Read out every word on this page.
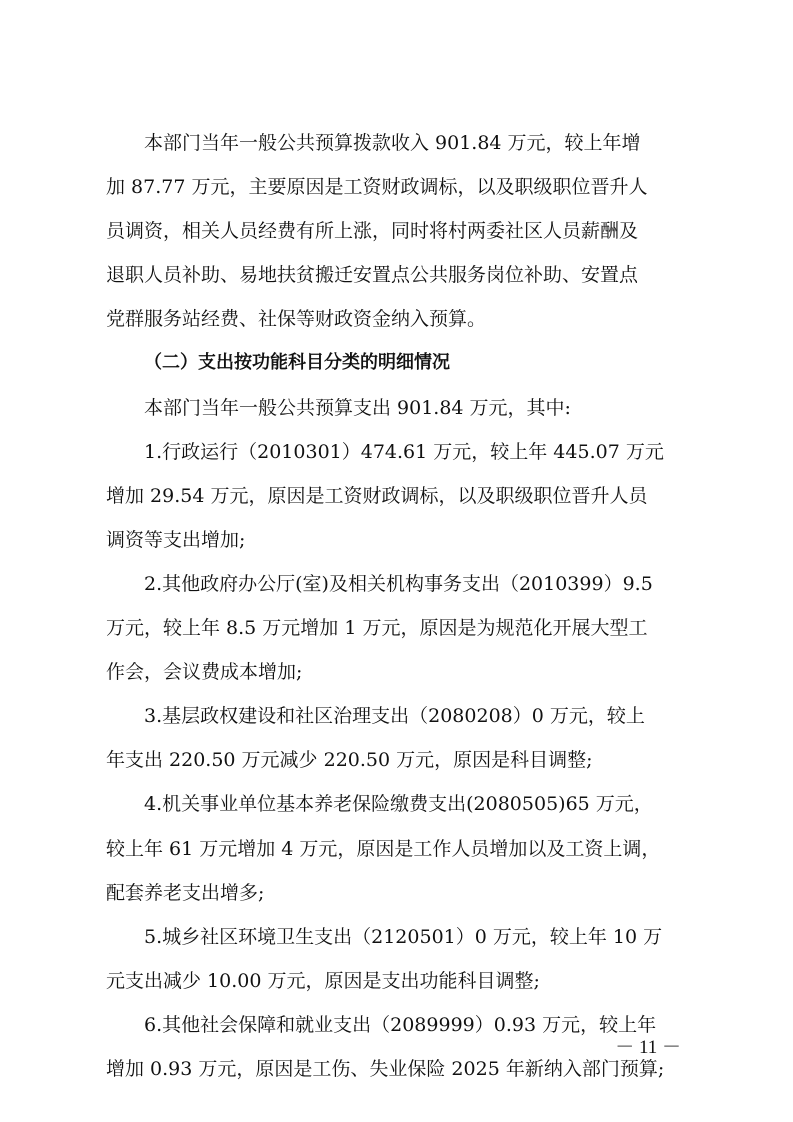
本部门当年一般公共预算拨款收入 901.84 万元，较上年增
加 87.77 万元，主要原因是工资财政调标，以及职级职位晋升人
员调资，相关人员经费有所上涨，同时将村两委社区人员薪酬及
退职人员补助、易地扶贫搬迁安置点公共服务岗位补助、安置点
党群服务站经费、社保等财政资金纳入预算。
（二）支出按功能科目分类的明细情况
本部门当年一般公共预算支出 901.84 万元，其中:
1.行政运行（2010301）474.61 万元，较上年 445.07 万元
增加 29.54 万元，原因是工资财政调标，以及职级职位晋升人员
调资等支出增加;
2.其他政府办公厅(室)及相关机构事务支出（2010399）9.5
万元，较上年 8.5 万元增加 1 万元，原因是为规范化开展大型工
作会，会议费成本增加;
3.基层政权建设和社区治理支出（2080208）0 万元，较上
年支出 220.50 万元减少 220.50 万元，原因是科目调整;
4.机关事业单位基本养老保险缴费支出(2080505)65 万元，
较上年 61 万元增加 4 万元，原因是工作人员增加以及工资上调，
配套养老支出增多;
5.城乡社区环境卫生支出（2120501）0 万元，较上年 10 万
元支出减少 10.00 万元，原因是支出功能科目调整;
6.其他社会保障和就业支出（2089999）0.93 万元，较上年
增加 0.93 万元，原因是工伤、失业保险 2025 年新纳入部门预算;
－ 11 －
